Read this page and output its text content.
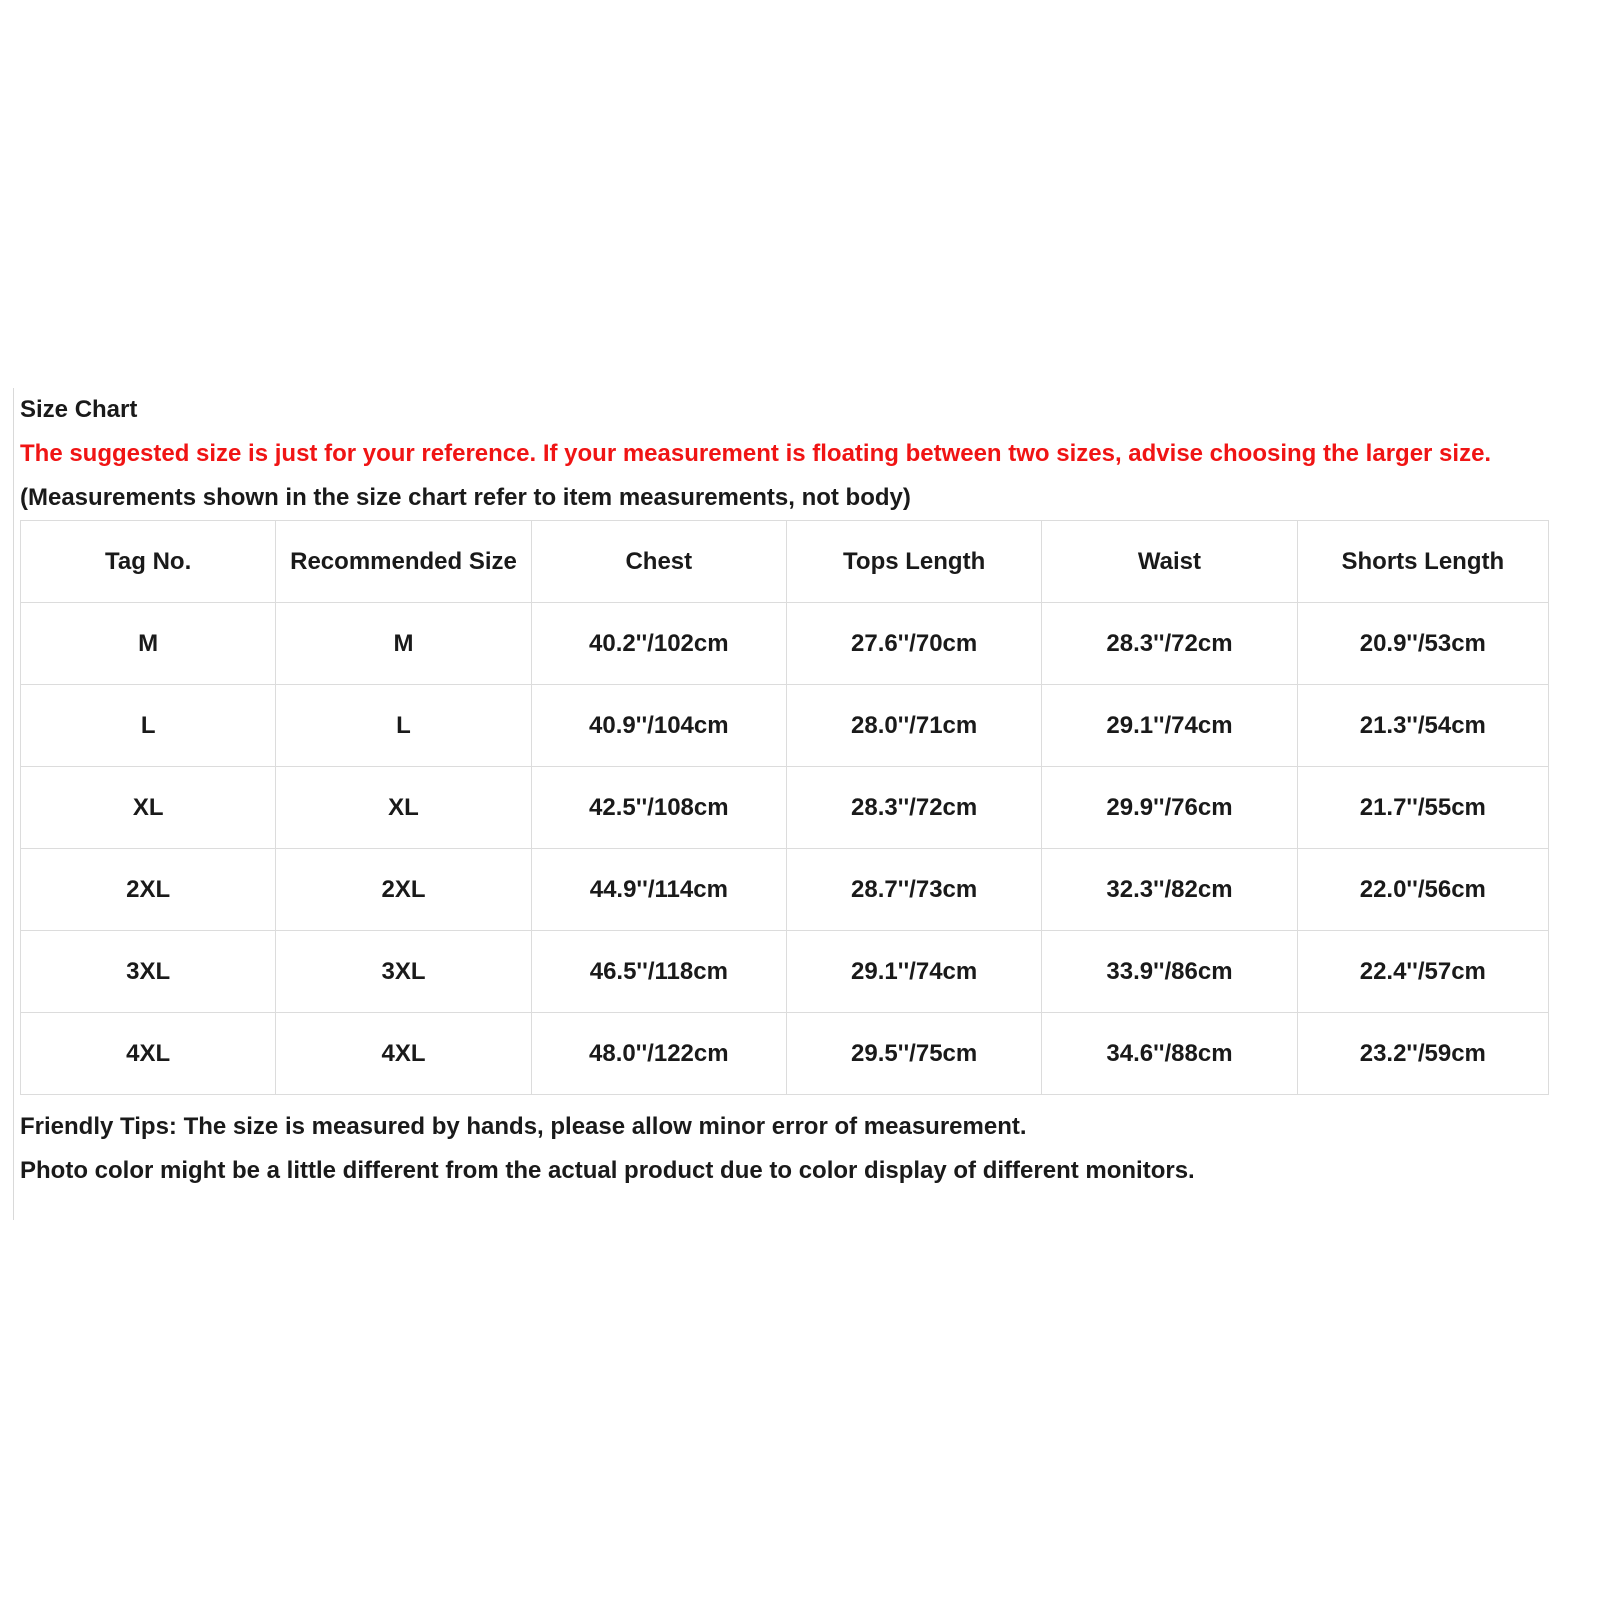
Size Chart
The suggested size is just for your reference. If your measurement is floating between two sizes, advise choosing the larger size.
(Measurements shown in the size chart refer to item measurements, not body)
Tag No.	Recommended Size	Chest	Tops Length	Waist	Shorts Length
M	M	40.2''/102cm	27.6''/70cm	28.3''/72cm	20.9''/53cm
L	L	40.9''/104cm	28.0''/71cm	29.1''/74cm	21.3''/54cm
XL	XL	42.5''/108cm	28.3''/72cm	29.9''/76cm	21.7''/55cm
2XL	2XL	44.9''/114cm	28.7''/73cm	32.3''/82cm	22.0''/56cm
3XL	3XL	46.5''/118cm	29.1''/74cm	33.9''/86cm	22.4''/57cm
4XL	4XL	48.0''/122cm	29.5''/75cm	34.6''/88cm	23.2''/59cm
Friendly Tips: The size is measured by hands, please allow minor error of measurement.
Photo color might be a little different from the actual product due to color display of different monitors.
